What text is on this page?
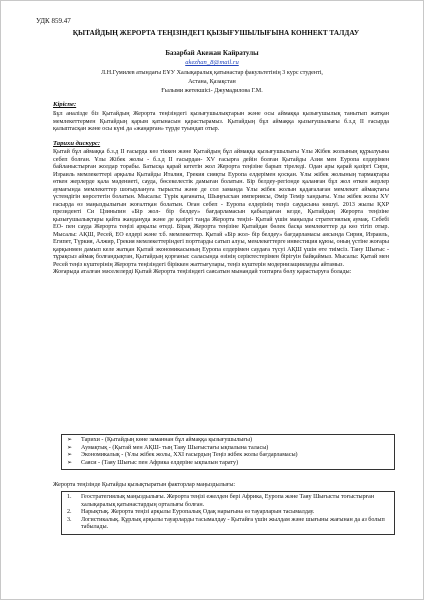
УДК 859.47
ҚЫТАЙДЫҢ ЖЕРОРТА ТЕҢІЗІНДЕГІ ҚЫЗЫҒУШЫЛЫҒЫНА КОННЕКТ ТАЛДАУ
Базарбай Акежан Кайратулы
akezhan_8@mail.ru
Л.Н.Гумилев атындағы ЕҰУ Халықаралық қатынастар факультетінің 3 курс студенті,
Астана, Қазақстан
Ғылыми жетекшісі- Джумадилова Г.М.
Кіріспе:

Бұл аналізде біз Қытайдың Жерорта теңізіндегі қызығушылықтарын және осы аймаққа қызығушылық танытып жатқан мемлекеттермен Қытайдың қарым қатынасын қарастырамыз. Қытайдың бұл аймаққа қызығушылығы б.з.д II ғасырда қалыптасқан және осы күні да «жаңарған» түрде туындап отыр.

Тарихи дискурс:

Қытай бұл аймаққа б.з.д II ғасырда көз тіккен және Қытайдың бұл аймаққа қызығушылығы Ұлы Жібек жолының құрылуына себеп болған. Ұлы Жібек жолы - б.з.д II ғасырдан- XV ғасырға дейін болған Қытайды Азия мен Еуропа елдерімен байланыстырған жолдар торабы. Батысқа қарай кететін жол Жерорта теңізіне барып тіреледі. Одан ары қарай қазіргі Сири, Израиль мемлекеттері арқылы Қытайды Италия, Грекия сияқты Еуропа елдерімен қосқан. Ұлы жібек жолының тармақтары өткен жерлерде қала мәдениеті, сауда, бөсекелестік дамыған болатын. Бір белдеу-регіонде қаланған бұл жол өткен жерлер аумағында мемлекеттер шоғырлануға тырысты және де сол заманда Ұлы жібек жолын қадағалаған мемлекет аймақтағы үстемдігін көрсететін болатын. Мысалы: Түрік қағанаты, Шыңғысхан империясы, Әмір Темір хандығы. Ұлы жібек жолы XV ғасырда өз маңыздылығын жоғалтқан болатын. Оған себеп - Еуропа елдерінің теңіз саудасына көшуі. 2013 жылы ҚХР президенті Си Цзиньпин «Бір жол- бір белдеу» бағдарламасын қабылдаған кезде, Қытайдың Жерорта теңізіне қызығушылықтары қайта жандануда және де қазіргі таңда Жерорта теңізі- Қытай үшін маңызды стратегиялық аумақ. Себебі ЕО- пен сауда Жерорта теңізі арқылы өтеді. Бірақ Жерорта теңізіне Қытайдан бөлек басқа мемлекеттер да көз тігіп отыр. Мысалы: АҚШ, Ресей, ЕО елдері және т.б. мемлекеттер. Қытай «Бір жол- бір белдеу» бағдарламасы аясында Сирия, Израиль, Египет, Түркия, Алжир, Грекия мемлекеттеріндегі порттарды сатып алуы, мемлекеттерге инвестиция құюы, оның үстіне жоғары қарқынмен дамып келе жатқан Қытай экономикасының Еуропа елдерімен саудаға түсуі АҚШ үшін өте тиімсіз. Тану Шығыс - тұрақсыз аймақ болғандықтан, Қытайдың қорғаныс саласында өзінің серіктестерімен бірігуін байқаймыз. Мысалы: Қытай мен Ресей теңіз күштерінің Жерорта теңізіндегі біріккен жаттығулары, теңіз күштерін модернизациялауды айтамыз.

Жоғарыда аталған мәселелерді Қытай Жерорта теңізіндегі саясатын мынандай топтарға бөлу қарастыруға болады:

➢	Тарихи - (Қытайдың көне заманнан бұл аймаққа қызығушылығы)
➢	Аумақтық - (Қытай мен АҚШ- тың Таяу Шығыстағы ықпалына таласы)
➢	Экономикалық - (Ұлы жібек жолы, XXI ғасырдың Теңіз жібек жолы бағдарламасы)
➢	Саяси - (Таяу Шығыс пен Африка елдеріне ықпалын тарату)
Жерорта теңізінде Қытайды қызықтыратын факторлар маңыздылығы:
1.	Геостратегиялық маңыздылығы. Жерорта теңізі ежелден бері Африка, Еуропа және Таяу Шығысты тоғыстырған халықаралық қатынастардың орталығы болған.
2.	Нарықтық. Жерорта теңізі арқылы Еуропалық Одақ нарығына өз тауарларын тасымалдау.
3.	Логистикалық. Құрлық арқылы тауарларды тасымалдау - Қытайға үшін жылдам және шығыны жағынан да аз болып табылады.
